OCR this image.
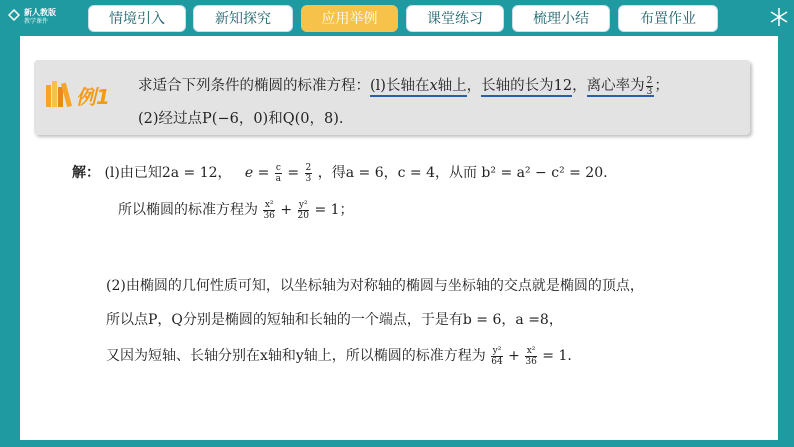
新人教版
教学课件	情境引入	新知探究	应用举例	课堂练习	梳理小结	布置作业
例1 求适合下列条件的椭圆的标准方程：(l)长轴在x轴上，长轴的长为12，离心率为 $\frac{2}{3}$ ；
(2)经过点P(−6，0)和Q(0，8).
解： (l)由已知2a = 12， $e = \frac{c}{a} = \frac{2}{3}$ ，得a = 6，c = 4，从而 b² = a² − c² = 20.
所以椭圆的标准方程为 $\frac{\text{x²}}{36} + \frac{\text{y²}}{20} = 1$；
(2)由椭圆的几何性质可知，以坐标轴为对称轴的椭圆与坐标轴的交点就是椭圆的顶点，
所以点P，Q分别是椭圆的短轴和长轴的一个端点，于是有b = 6，a =8，
又因为短轴、长轴分别在x轴和y轴上，所以椭圆的标准方程为 $\frac{\text{y²}}{64} + \frac{\text{x²}}{36} = 1$.
